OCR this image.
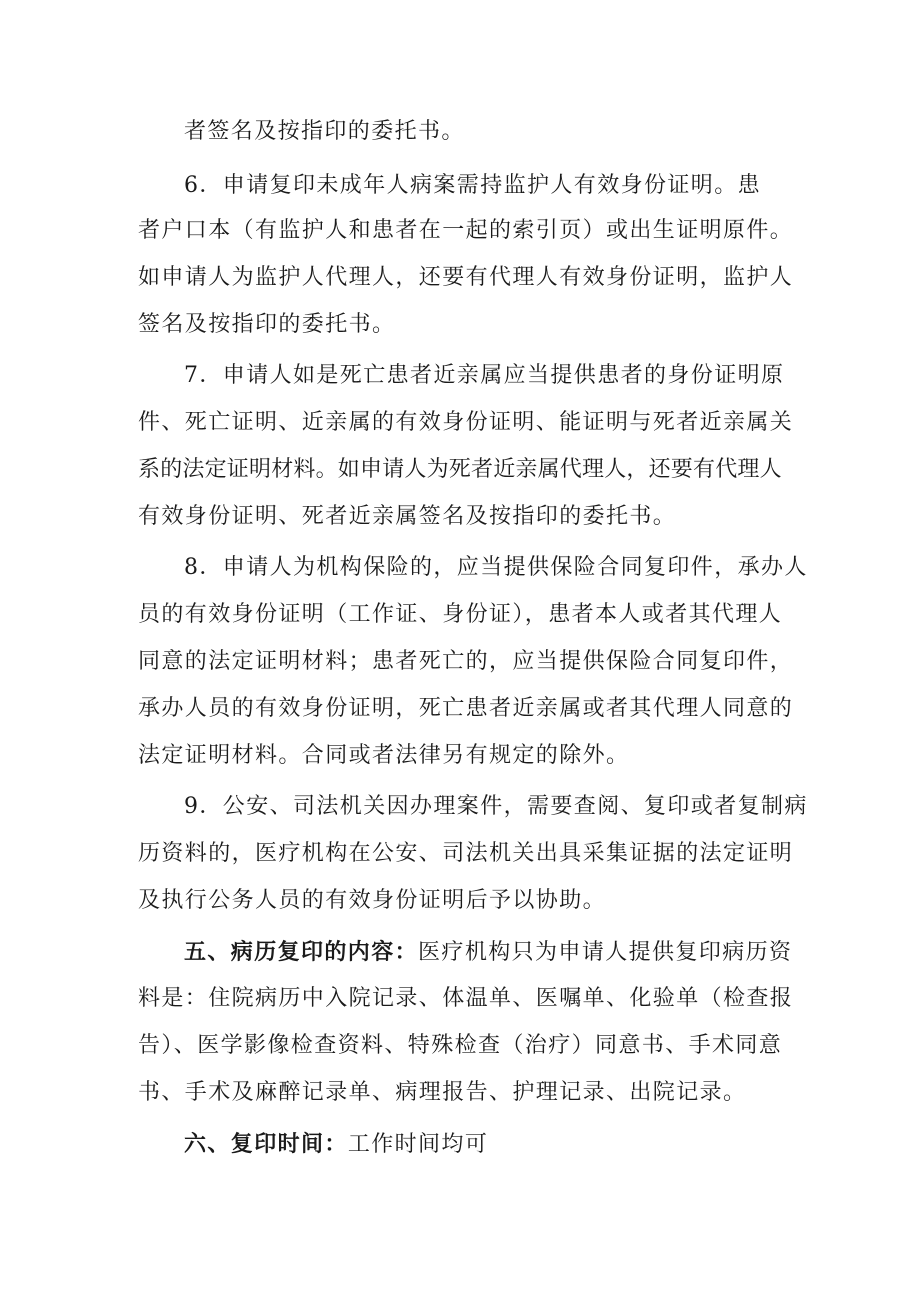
者签名及按指印的委托书。
6．申请复印未成年人病案需持监护人有效身份证明。患
者户口本（有监护人和患者在一起的索引页）或出生证明原件。
如申请人为监护人代理人，还要有代理人有效身份证明，监护人
签名及按指印的委托书。
7．申请人如是死亡患者近亲属应当提供患者的身份证明原
件、死亡证明、近亲属的有效身份证明、能证明与死者近亲属关
系的法定证明材料。如申请人为死者近亲属代理人，还要有代理人
有效身份证明、死者近亲属签名及按指印的委托书。
8．申请人为机构保险的，应当提供保险合同复印件，承办人
员的有效身份证明（工作证、身份证），患者本人或者其代理人
同意的法定证明材料；患者死亡的，应当提供保险合同复印件，
承办人员的有效身份证明，死亡患者近亲属或者其代理人同意的
法定证明材料。合同或者法律另有规定的除外。
9．公安、司法机关因办理案件，需要查阅、复印或者复制病
历资料的，医疗机构在公安、司法机关出具采集证据的法定证明
及执行公务人员的有效身份证明后予以协助。
五、病历复印的内容：医疗机构只为申请人提供复印病历资
料是：住院病历中入院记录、体温单、医嘱单、化验单（检查报
告）、医学影像检查资料、特殊检查（治疗）同意书、手术同意
书、手术及麻醉记录单、病理报告、护理记录、出院记录。
六、复印时间：工作时间均可
